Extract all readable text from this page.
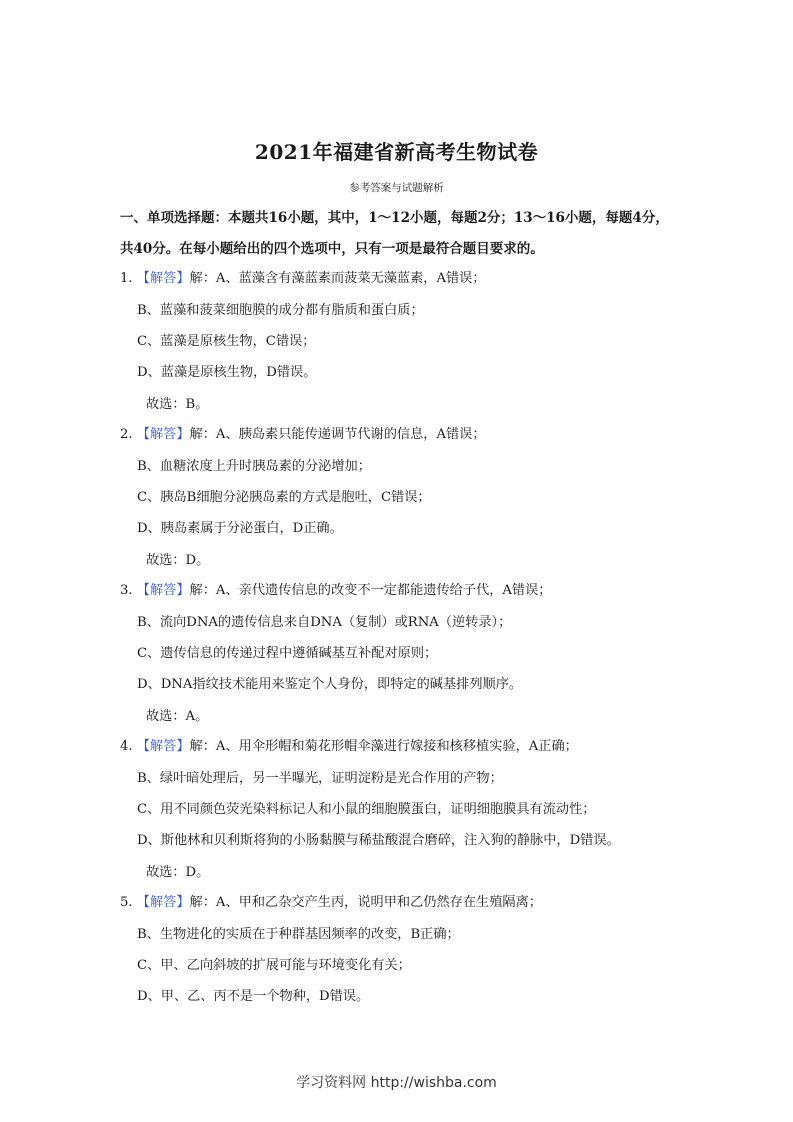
2021年福建省新高考生物试卷
参考答案与试题解析
一、单项选择题：本题共16小题，其中，1～12小题，每题2分；13～16小题，每题4分，
共40分。在每小题给出的四个选项中，只有一项是最符合题目要求的。
1. 【解答】解：A、蓝藻含有藻蓝素而菠菜无藻蓝素，A错误；
B、蓝藻和菠菜细胞膜的成分都有脂质和蛋白质；
C、蓝藻是原核生物，C错误；
D、蓝藻是原核生物，D错误。
故选：B。
2. 【解答】解：A、胰岛素只能传递调节代谢的信息，A错误；
B、血糖浓度上升时胰岛素的分泌增加；
C、胰岛B细胞分泌胰岛素的方式是胞吐，C错误；
D、胰岛素属于分泌蛋白，D正确。
故选：D。
3. 【解答】解：A、亲代遗传信息的改变不一定都能遗传给子代，A错误；
B、流向DNA的遗传信息来自DNA（复制）或RNA（逆转录）；
C、遗传信息的传递过程中遵循碱基互补配对原则；
D、DNA指纹技术能用来鉴定个人身份，即特定的碱基排列顺序。
故选：A。
4. 【解答】解：A、用伞形帽和菊花形帽伞藻进行嫁接和核移植实验，A正确；
B、绿叶暗处理后，另一半曝光，证明淀粉是光合作用的产物；
C、用不同颜色荧光染料标记人和小鼠的细胞膜蛋白，证明细胞膜具有流动性；
D、斯他林和贝利斯将狗的小肠黏膜与稀盐酸混合磨碎，注入狗的静脉中，D错误。
故选：D。
5. 【解答】解：A、甲和乙杂交产生丙，说明甲和乙仍然存在生殖隔离；
B、生物进化的实质在于种群基因频率的改变，B正确；
C、甲、乙向斜坡的扩展可能与环境变化有关；
D、甲、乙、丙不是一个物种，D错误。
学习资料网 http://wishba.com
